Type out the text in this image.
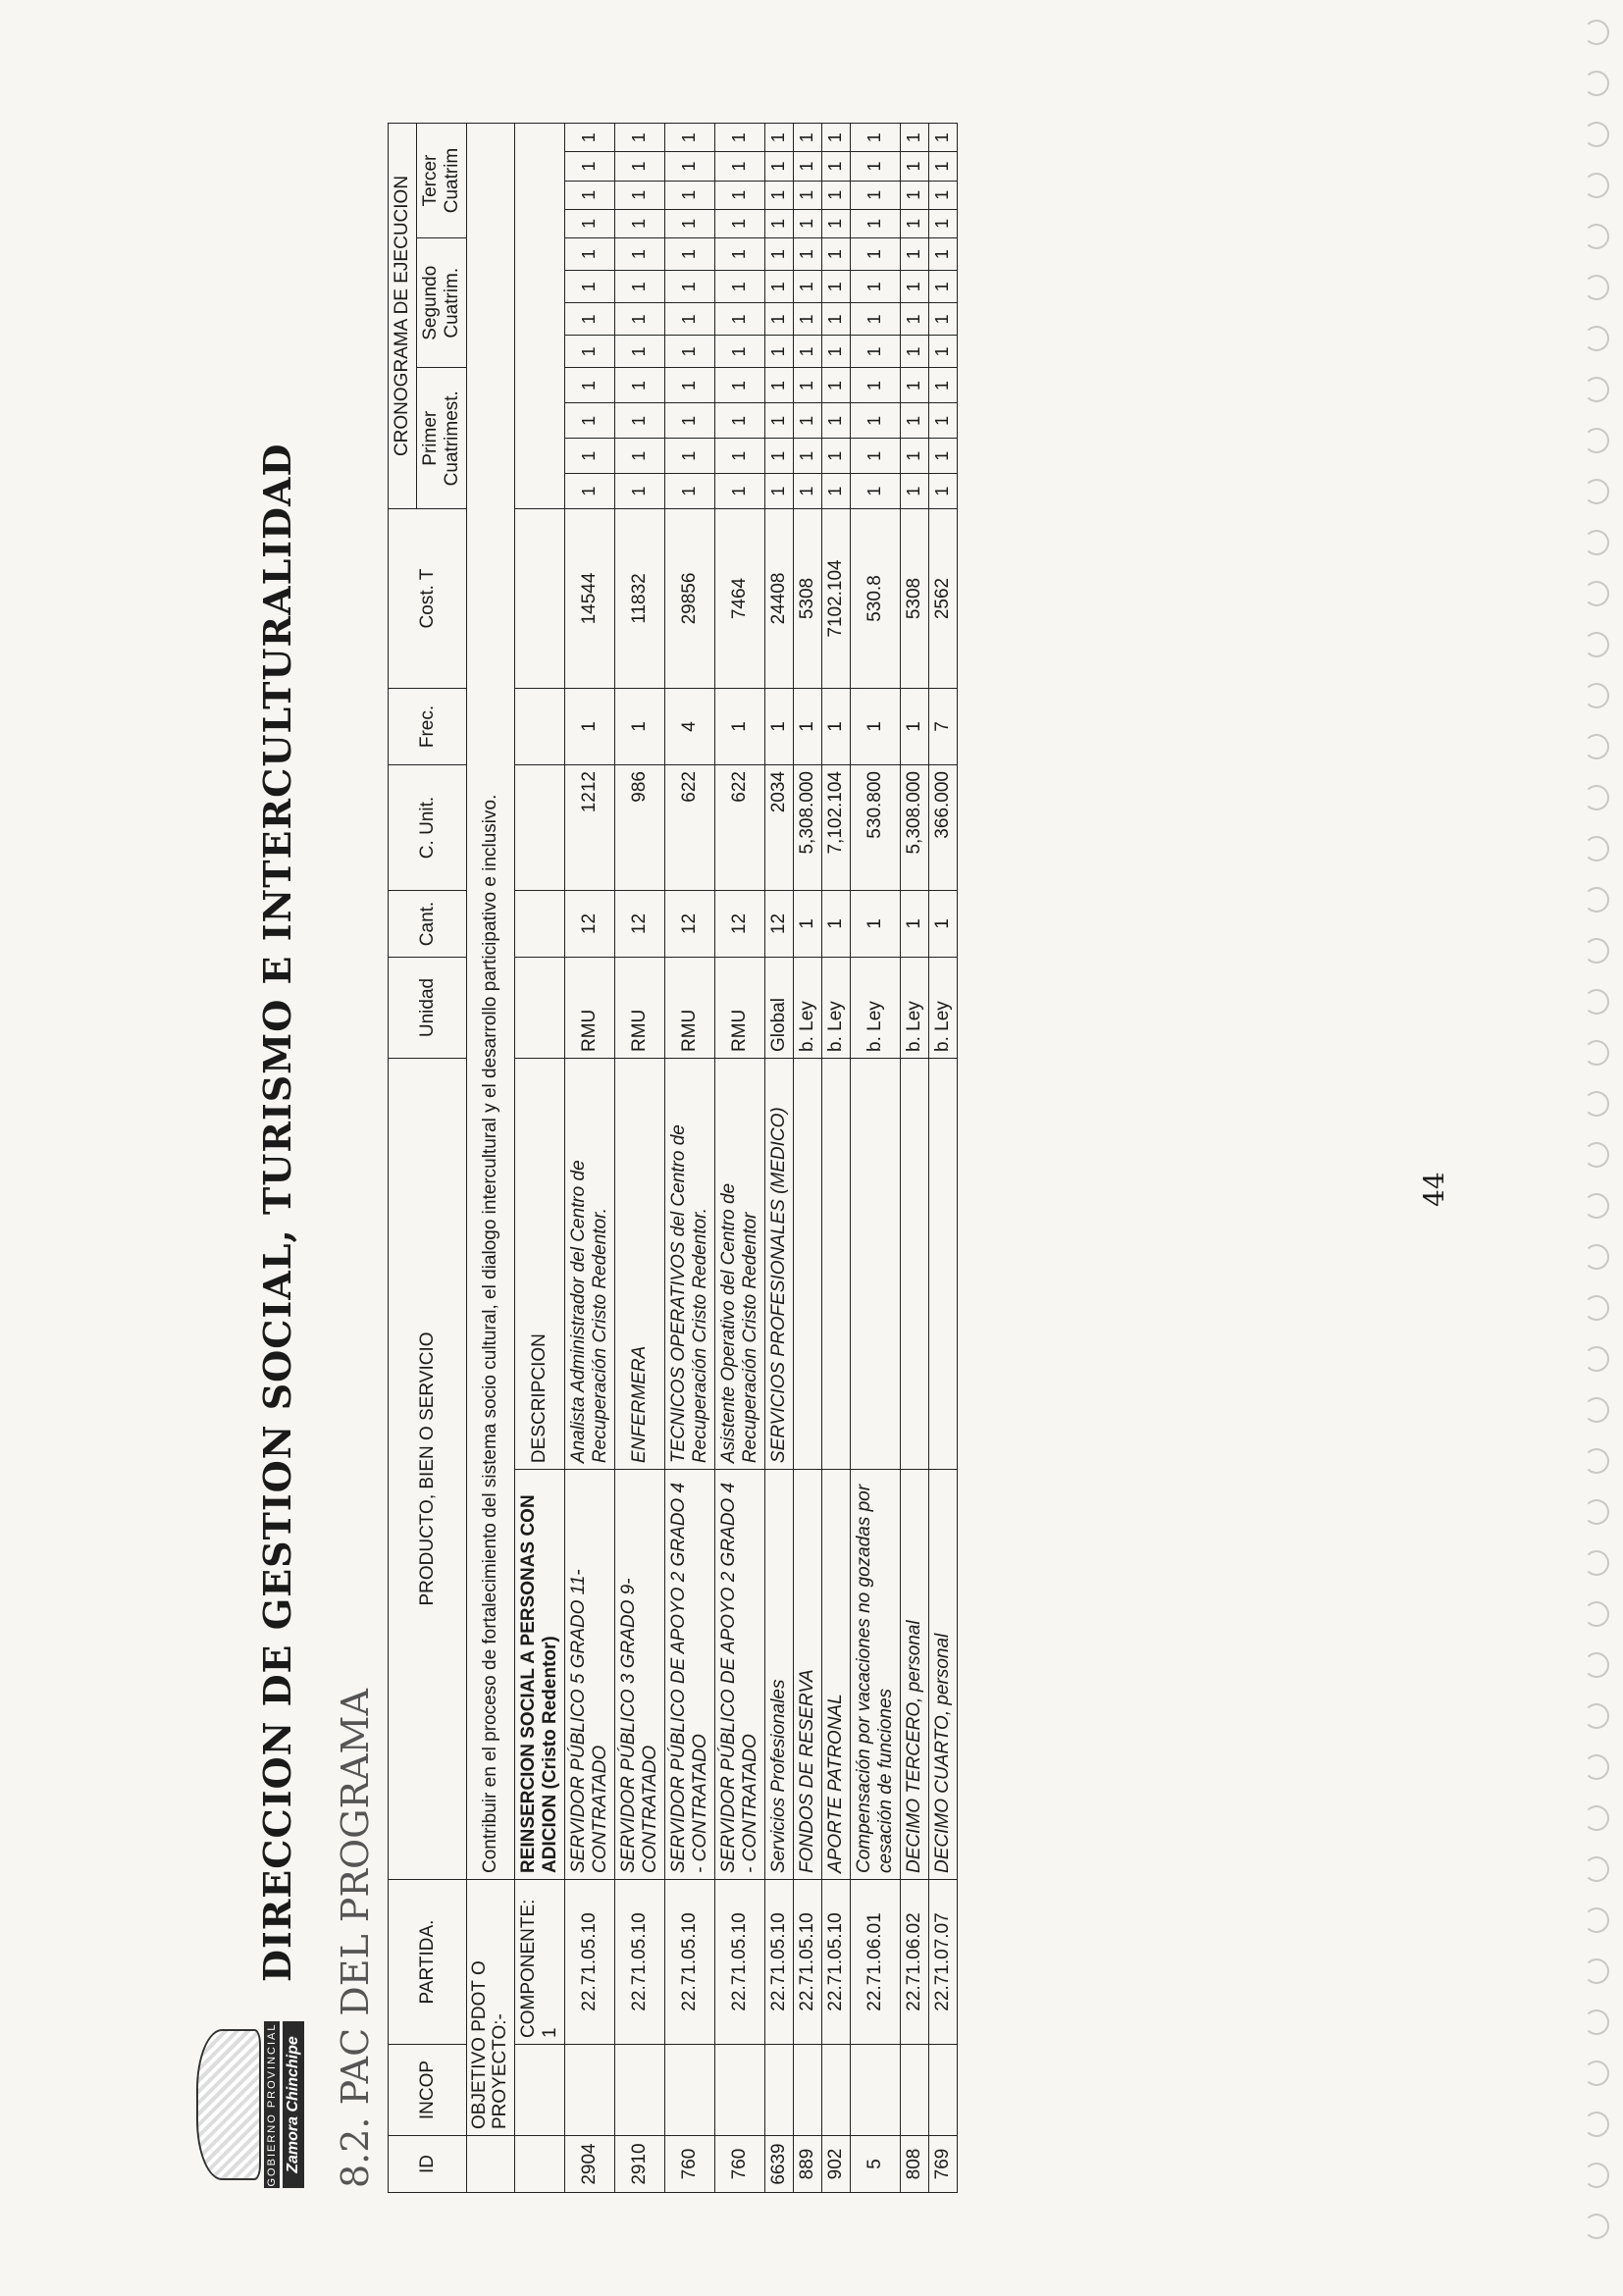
GOBIERNO PROVINCIAL Zamora Chinchipe
DIRECCION DE GESTION SOCIAL, TURISMO E INTERCULTURALIDAD 8.2. PAC DEL PROGRAMA ID	INCOP	PARTIDA.	PRODUCTO, BIEN O SERVICIO		Unidad	Cant.	C. Unit.	Frec.	Cost. T	CRONOGRAMA DE EJECUCION											
										Primer Cuatrimest.				Segundo Cuatrim.				Tercer Cuatrim			
	OBJETIVO PDOT O PROYECTO:-		Contribuir en el proceso de fortalecimiento del sistema socio cultural, el dialogo intercultural y el desarrollo participativo e inclusivo.																		
		COMPONENTE: 1	REINSERCION SOCIAL A PERSONAS CON ADICION (Cristo Redentor)	DESCRIPCION																	
2904		22.71.05.10	SERVIDOR PÚBLICO 5 GRADO 11- CONTRATADO	Analista Administrador del Centro de Recuperación Cristo Redentor.	RMU	12	1212	1	14544	1	1	1	1	1	1	1	1	1	1	1	1
2910		22.71.05.10	SERVIDOR PÚBLICO 3 GRADO 9- CONTRATADO	ENFERMERA	RMU	12	986	1	11832	1	1	1	1	1	1	1	1	1	1	1	1
760		22.71.05.10	SERVIDOR PÚBLICO DE APOYO 2 GRADO 4 - CONTRATADO	TECNICOS OPERATIVOS del Centro de Recuperación Cristo Redentor.	RMU	12	622	4	29856	1	1	1	1	1	1	1	1	1	1	1	1
760		22.71.05.10	SERVIDOR PÚBLICO DE APOYO 2 GRADO 4 - CONTRATADO	Asistente Operativo del Centro de Recuperación Cristo Redentor	RMU	12	622	1	7464	1	1	1	1	1	1	1	1	1	1	1	1
6639		22.71.05.10	Servicios Profesionales	SERVICIOS PROFESIONALES (MEDICO)	Global	12	2034	1	24408	1	1	1	1	1	1	1	1	1	1	1	1
889		22.71.05.10	FONDOS DE RESERVA		b. Ley	1	5,308.000	1	5308	1	1	1	1	1	1	1	1	1	1	1	1
902		22.71.05.10	APORTE PATRONAL		b. Ley	1	7,102.104	1	7102.104	1	1	1	1	1	1	1	1	1	1	1	1
5		22.71.06.01	Compensación por vacaciones no gozadas por cesación de funciones		b. Ley	1	530.800	1	530.8	1	1	1	1	1	1	1	1	1	1	1	1
808		22.71.06.02	DECIMO TERCERO, personal		b. Ley	1	5,308.000	1	5308	1	1	1	1	1	1	1	1	1	1	1	1
769		22.71.07.07	DECIMO CUARTO, personal		b. Ley	1	366.000	7	2562	1	1	1	1	1	1	1	1	1	1	1	1
44
